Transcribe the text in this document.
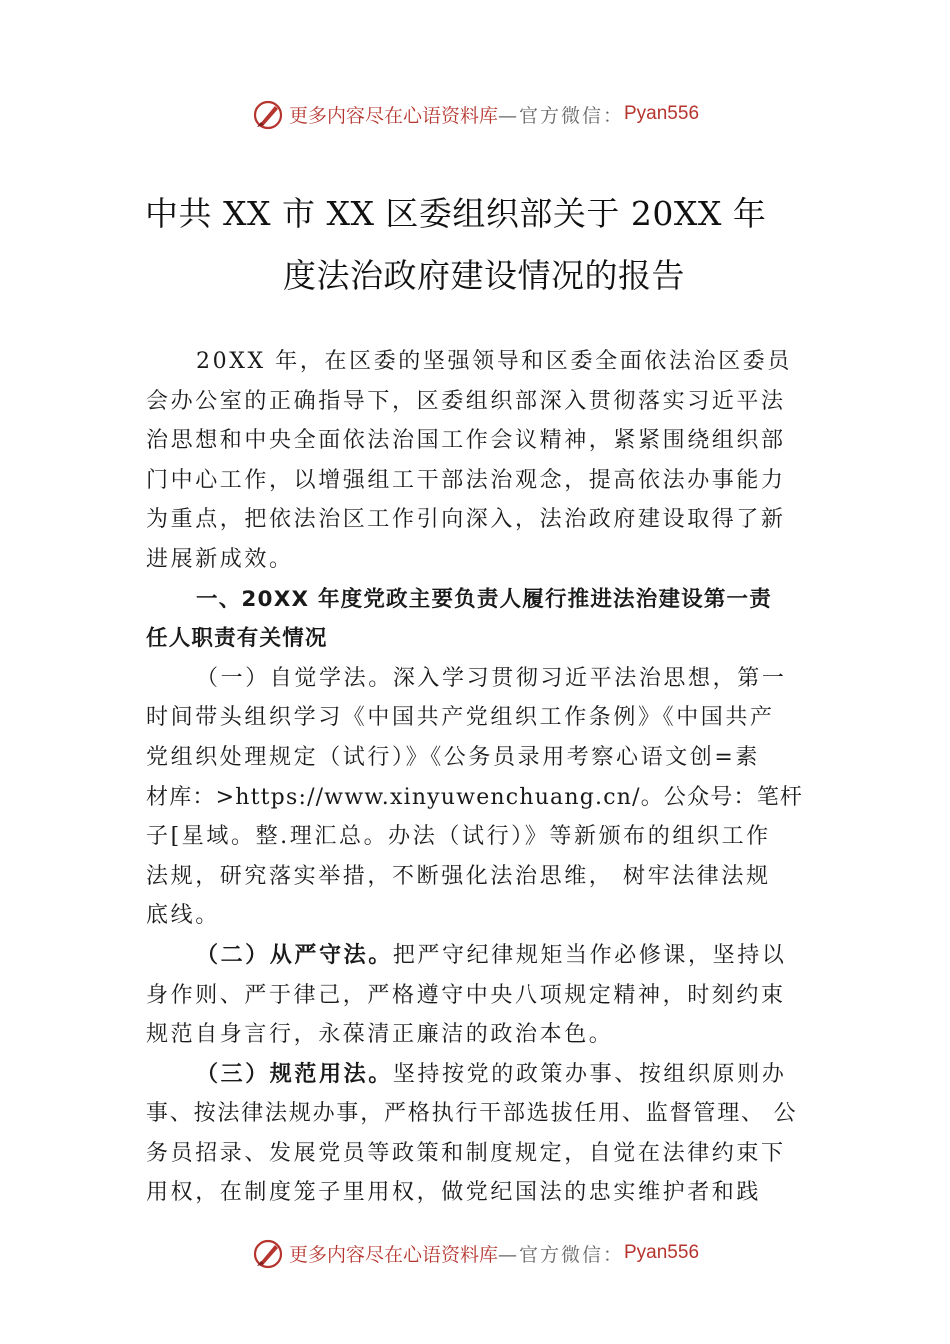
更多内容尽在心语资料库 —官方微信： Pyan556
中共 XX 市 XX 区委组织部关于 20XX 年
度法治政府建设情况的报告
20XX 年，在区委的坚强领导和区委全面依法治区委员
会办公室的正确指导下，区委组织部深入贯彻落实习近平法
治思想和中央全面依法治国工作会议精神，紧紧围绕组织部
门中心工作，以增强组工干部法治观念，提高依法办事能力
为重点，把依法治区工作引向深入，法治政府建设取得了新
进展新成效。
一、20XX 年度党政主要负责人履行推进法治建设第一责
任人职责有关情况
（一）自觉学法。深入学习贯彻习近平法治思想，第一
时间带头组织学习《中国共产党组织工作条例》《中国共产
党组织处理规定（试行）》《公务员录用考察心语文创=素
材库：>https://www.xinyuwenchuang.cn/。公众号：笔杆
子[星域。整.理汇总。办法（试行）》等新颁布的组织工作
法规，研究落实举措，不断强化法治思维， 树牢法律法规
底线。
（二）从严守法。把严守纪律规矩当作必修课，坚持以
身作则、严于律己，严格遵守中央八项规定精神，时刻约束
规范自身言行，永葆清正廉洁的政治本色。
（三）规范用法。坚持按党的政策办事、按组织原则办
事、按法律法规办事，严格执行干部选拔任用、监督管理、 公
务员招录、发展党员等政策和制度规定，自觉在法律约束下
用权，在制度笼子里用权，做党纪国法的忠实维护者和践
更多内容尽在心语资料库 —官方微信： Pyan556
